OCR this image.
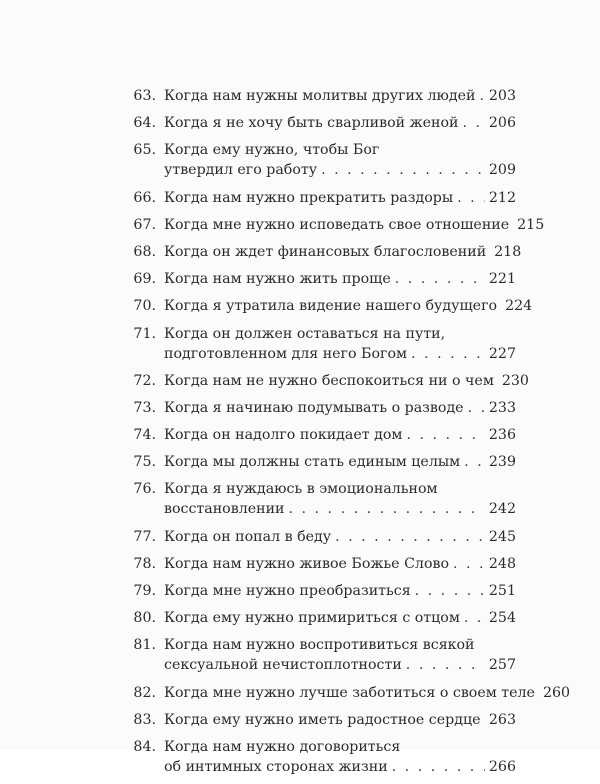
63. Когда нам нужны молитвы других людей . . . 203
64. Когда я не хочу быть сварливой женой . . . 206
65. Когда ему нужно, чтобы Бог
утвердил его работу . . .	209
66. Когда нам нужно прекратить раздоры . . .	212
67. Когда мне нужно исповедать свое отношение 215
68. Когда он ждет финансовых благословений 218
69. Когда нам нужно жить проще . . .	221
70. Когда я утратила видение нашего будущего 224
71. Когда он должен оставаться на пути,
подготовленном для него Богом . . .	227
72. Когда нам не нужно беспокоиться ни о чем 230
73. Когда я начинаю подумывать о разводе . . . 233
74. Когда он надолго покидает дом . . .	236
75. Когда мы должны стать единым целым . . . 239
76. Когда я нуждаюсь в эмоциональном
восстановлении . . .	242
77. Когда он попал в беду . . .	245
78. Когда нам нужно живое Божье Слово . . .	248
79. Когда мне нужно преобразиться . . .	251
80. Когда ему нужно примириться с отцом . . . 254
81. Когда нам нужно воспротивиться всякой
сексуальной нечистоплотности . . .	257
82. Когда мне нужно лучше заботиться о своем теле 260
83. Когда ему нужно иметь радостное сердце . . . 263
84. Когда нам нужно договориться
об интимных сторонах жизни . . .	266
